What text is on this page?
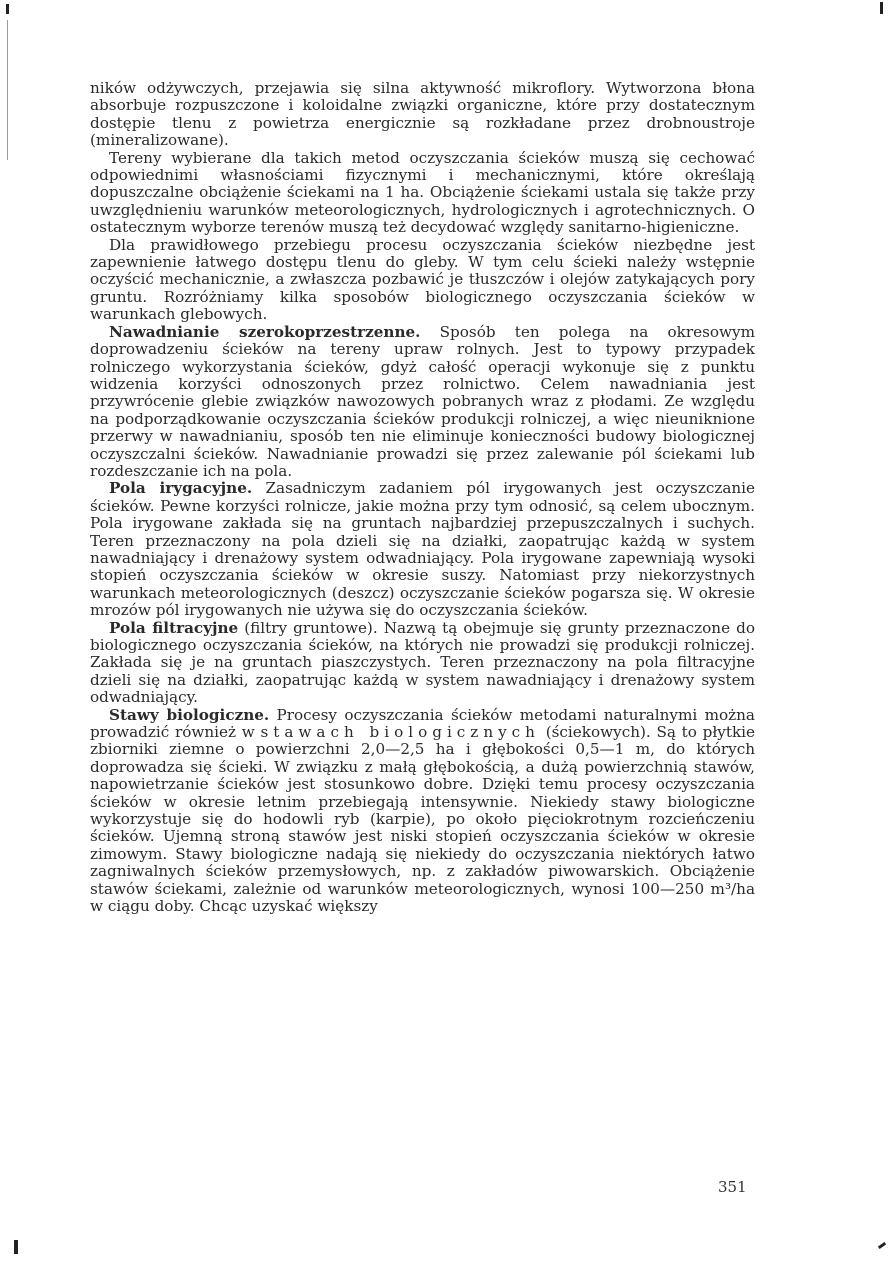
ników odżywczych, przejawia się silna aktywność mikroflory. Wytworzona błona absorbuje rozpuszczone i koloidalne związki organiczne, które przy dostatecznym dostępie tlenu z powietrza energicznie są rozkładane przez drobnoustroje (mineralizowane).

Tereny wybierane dla takich metod oczyszczania ścieków muszą się cechować odpowiednimi własnościami fizycznymi i mechanicznymi, które określają dopuszczalne obciążenie ściekami na 1 ha. Obciążenie ściekami ustala się także przy uwzględnieniu warunków meteorologicznych, hydrologicznych i agrotechnicznych. O ostatecznym wyborze terenów muszą też decydować względy sanitarno-higieniczne.

Dla prawidłowego przebiegu procesu oczyszczania ścieków niezbędne jest zapewnienie łatwego dostępu tlenu do gleby. W tym celu ścieki należy wstępnie oczyścić mechanicznie, a zwłaszcza pozbawić je tłuszczów i olejów zatykających pory gruntu. Rozróżniamy kilka sposobów biologicznego oczyszczania ścieków w warunkach glebowych.

Nawadnianie szerokoprzestrzenne. Sposób ten polega na okresowym doprowadzeniu ścieków na tereny upraw rolnych. Jest to typowy przypadek rolniczego wykorzystania ścieków, gdyż całość operacji wykonuje się z punktu widzenia korzyści odnoszonych przez rolnictwo. Celem nawadniania jest przywrócenie glebie związków nawozowych pobranych wraz z płodami. Ze względu na podporządkowanie oczyszczania ścieków produkcji rolniczej, a więc nieuniknione przerwy w nawadnianiu, sposób ten nie eliminuje konieczności budowy biologicznej oczyszczalni ścieków. Nawadnianie prowadzi się przez zalewanie pól ściekami lub rozdeszczanie ich na pola.

Pola irygacyjne. Zasadniczym zadaniem pól irygowanych jest oczyszczanie ścieków. Pewne korzyści rolnicze, jakie można przy tym odnosić, są celem ubocznym. Pola irygowane zakłada się na gruntach najbardziej przepuszczalnych i suchych. Teren przeznaczony na pola dzieli się na działki, zaopatrując każdą w system nawadniający i drenażowy system odwadniający. Pola irygowane zapewniają wysoki stopień oczyszczania ścieków w okresie suszy. Natomiast przy niekorzystnych warunkach meteorologicznych (deszcz) oczyszczanie ścieków pogarsza się. W okresie mrozów pól irygowanych nie używa się do oczyszczania ścieków.

Pola filtracyjne (filtry gruntowe). Nazwą tą obejmuje się grunty przeznaczone do biologicznego oczyszczania ścieków, na których nie prowadzi się produkcji rolniczej. Zakłada się je na gruntach piaszczystych. Teren przeznaczony na pola filtracyjne dzieli się na działki, zaopatrując każdą w system nawadniający i drenażowy system odwadniający.

Stawy biologiczne. Procesy oczyszczania ścieków metodami naturalnymi można prowadzić również w stawach biologicznych (ściekowych). Są to płytkie zbiorniki ziemne o powierzchni 2,0—2,5 ha i głębokości 0,5—1 m, do których doprowadza się ścieki. W związku z małą głębokością, a dużą powierzchnią stawów, napowietrzanie ścieków jest stosunkowo dobre. Dzięki temu procesy oczyszczania ścieków w okresie letnim przebiegają intensywnie. Niekiedy stawy biologiczne wykorzystuje się do hodowli ryb (karpie), po około pięciokrotnym rozcieńczeniu ścieków. Ujemną stroną stawów jest niski stopień oczyszczania ścieków w okresie zimowym. Stawy biologiczne nadają się niekiedy do oczyszczania niektórych łatwo zagniwalnych ścieków przemysłowych, np. z zakładów piwowarskich. Obciążenie stawów ściekami, zależnie od warunków meteorologicznych, wynosi 100—250 m³/ha w ciągu doby. Chcąc uzyskać większy

351
